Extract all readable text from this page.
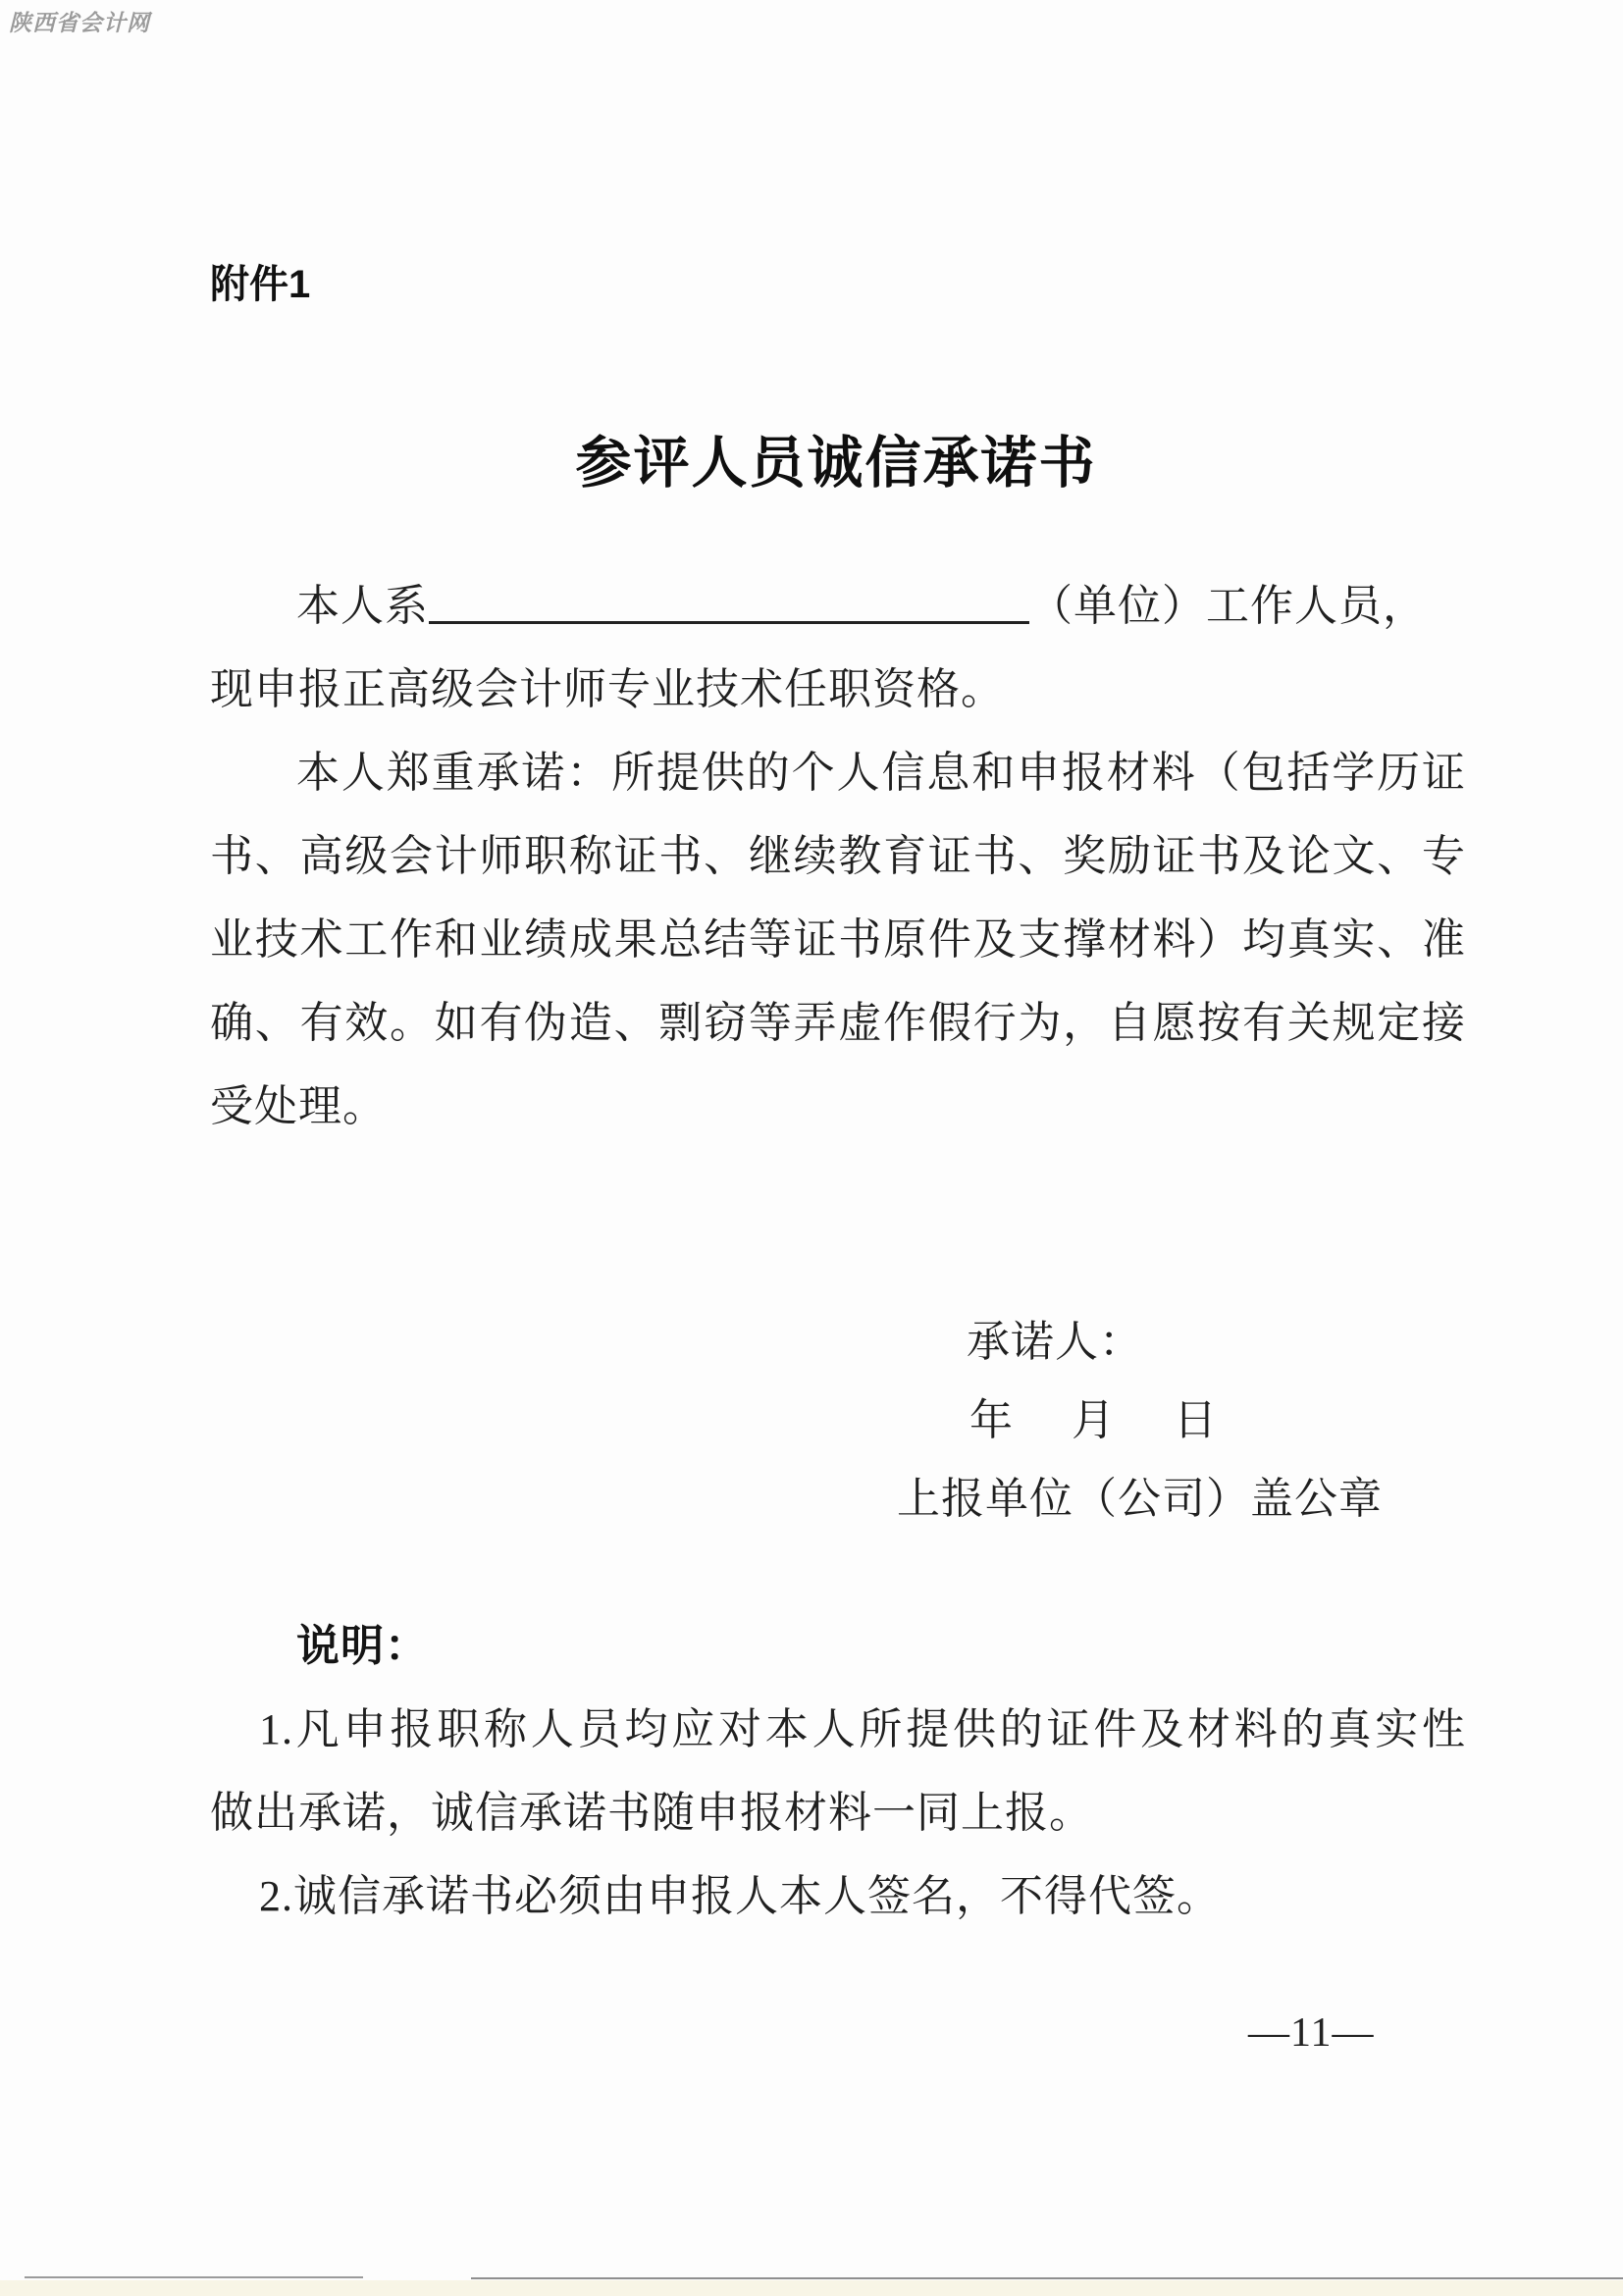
陕西省会计网
附件1
参评人员诚信承诺书
本人系	（单位）工作人员，
现申报正高级会计师专业技术任职资格。
本人郑重承诺：所提供的个人信息和申报材料（包括学历证
书、高级会计师职称证书、继续教育证书、奖励证书及论文、专
业技术工作和业绩成果总结等证书原件及支撑材料）均真实、准
确、有效。如有伪造、剽窃等弄虚作假行为，自愿按有关规定接
受处理。
承诺人：
年　月　日
上报单位（公司）盖公章
说明：
1.凡申报职称人员均应对本人所提供的证件及材料的真实性
做出承诺，诚信承诺书随申报材料一同上报。
2.诚信承诺书必须由申报人本人签名，不得代签。
—11—
